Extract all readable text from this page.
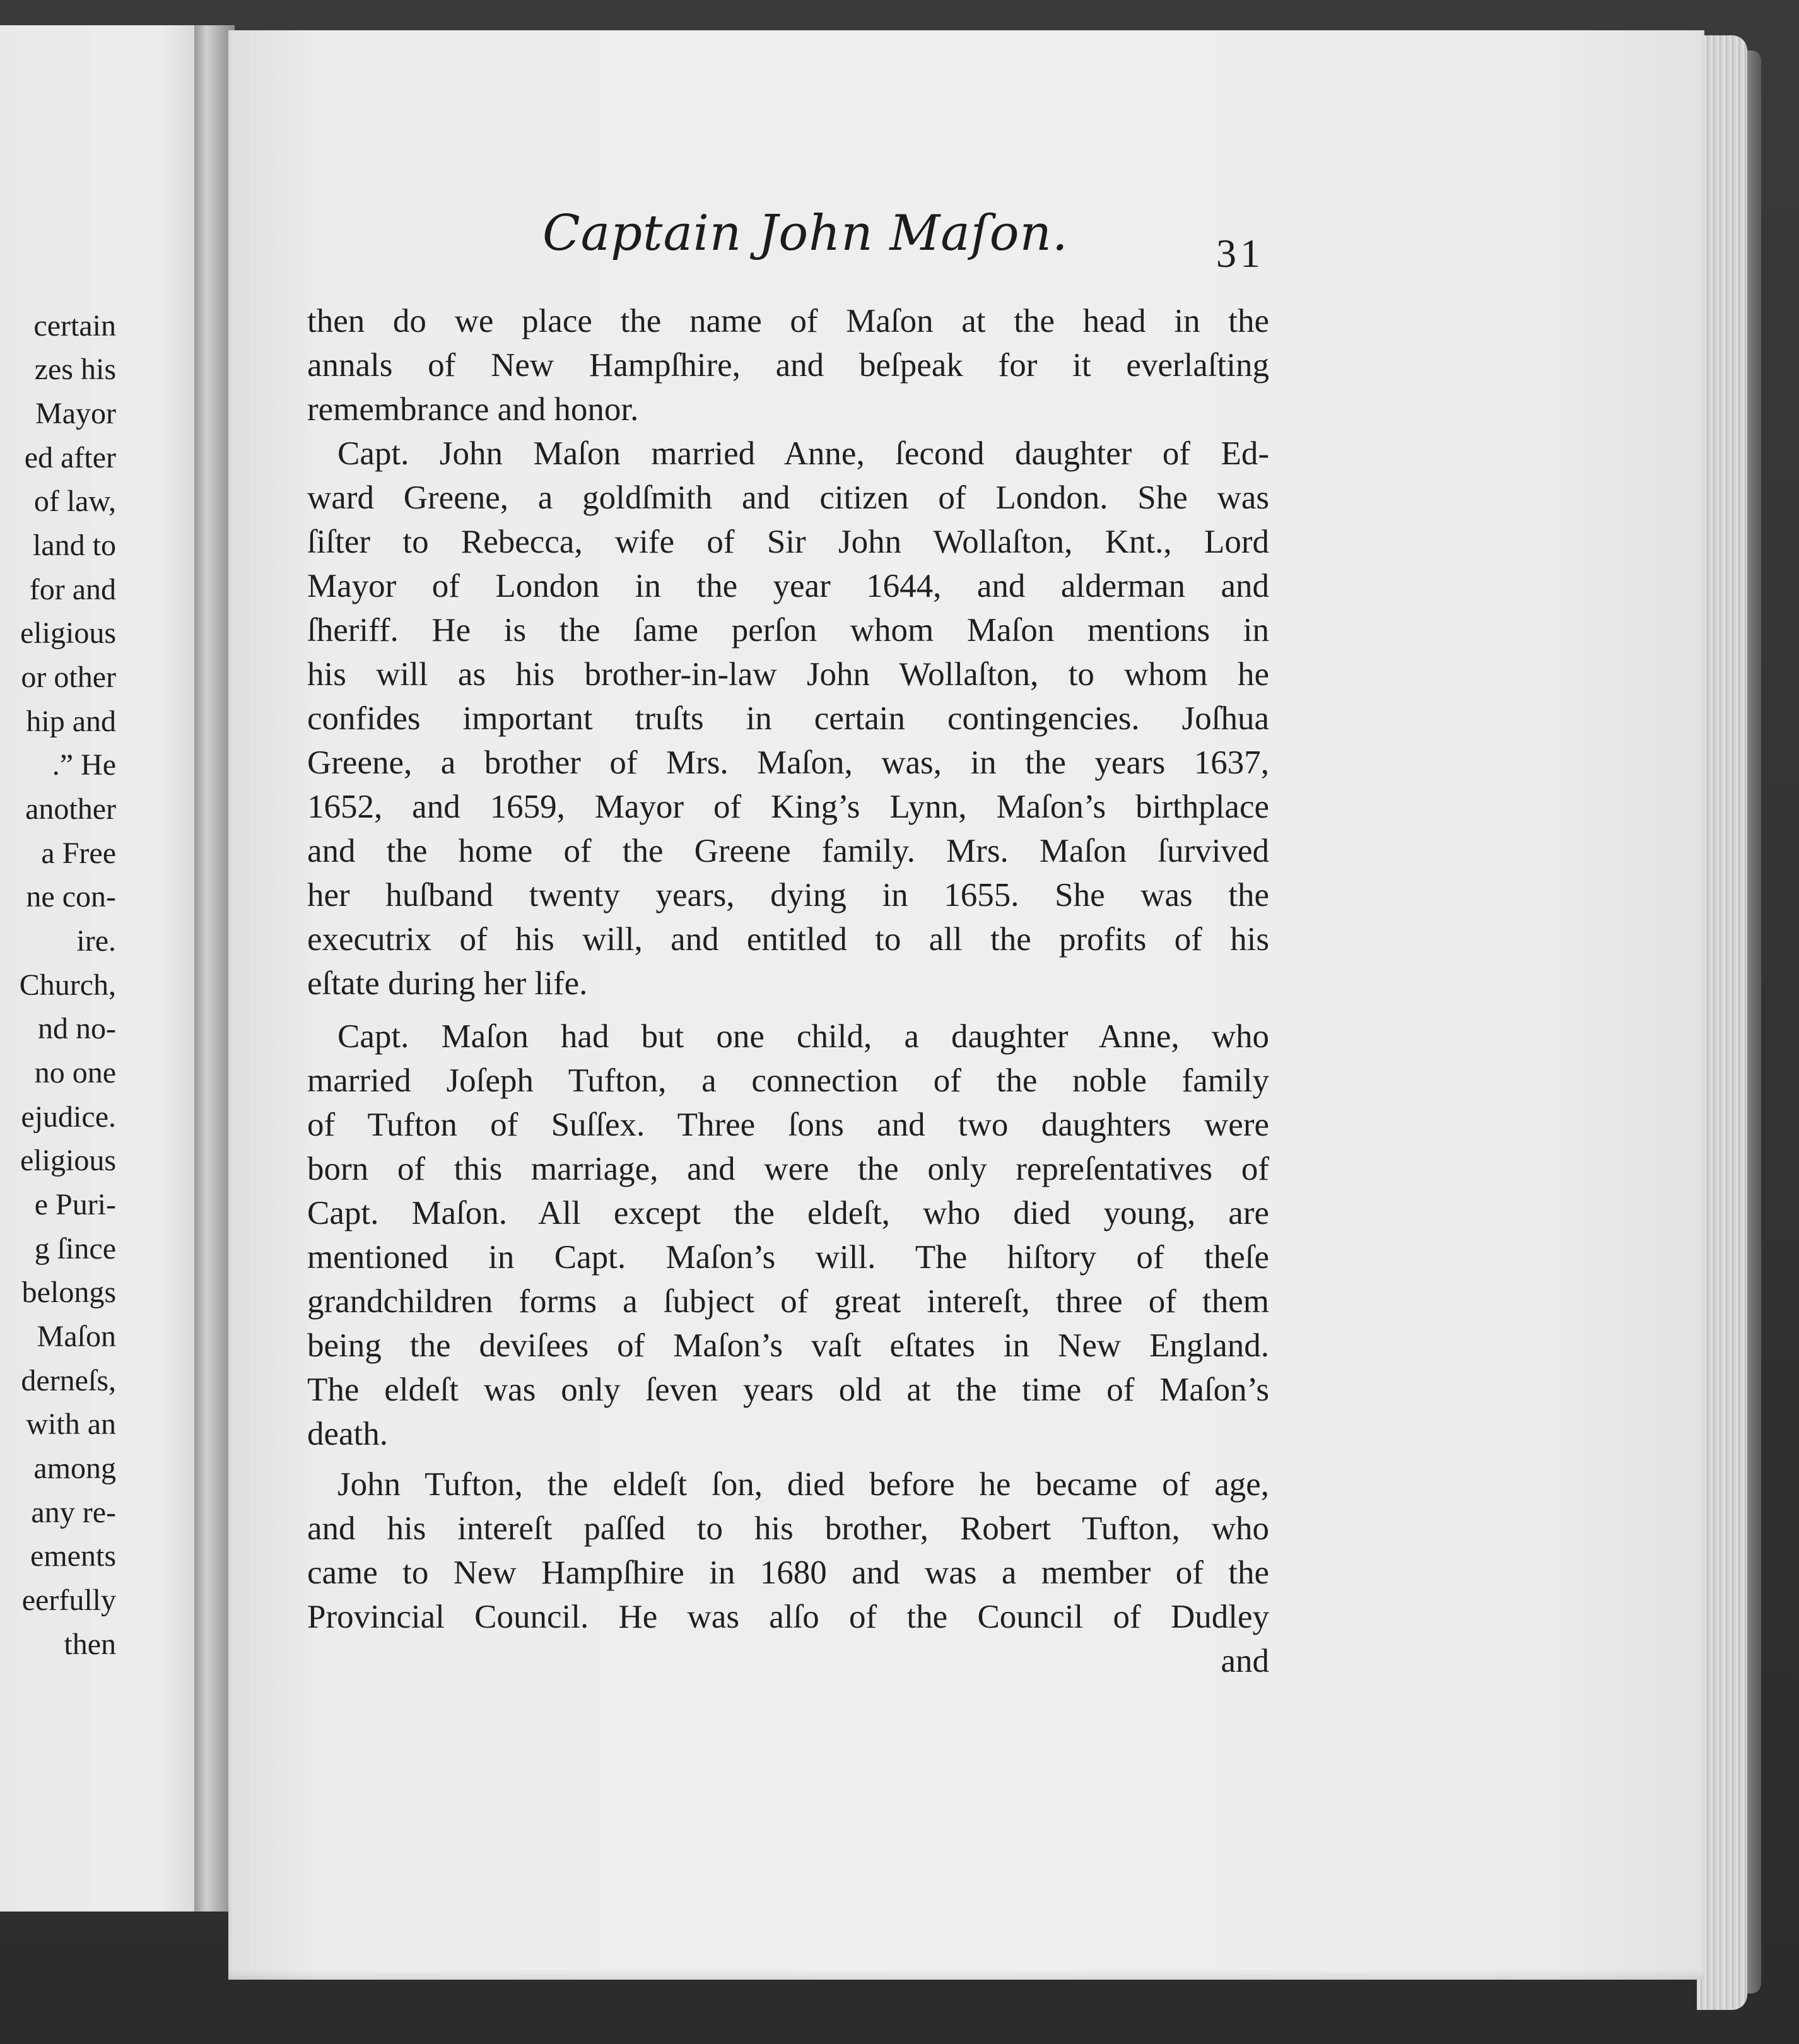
certain
zes his
Mayor
ed after
of law,
land to
for and
eligious
or other
hip and
.” He
another
a Free
ne con-
ire.
Church,
nd no-
no one
ejudice.
eligious
e Puri-
g ſince
belongs
Maſon
derneſs,
with an
among
any re-
ements
eerfully
then
Captain John Maſon.	31
then do we place the name of Maſon at the head in the
annals of New Hampſhire, and beſpeak for it everlaſting
remembrance and honor.
Capt. John Maſon married Anne, ſecond daughter of Ed-
ward Greene, a goldſmith and citizen of London. She was
ſiſter to Rebecca, wife of Sir John Wollaſton, Knt., Lord
Mayor of London in the year 1644, and alderman and
ſheriff. He is the ſame perſon whom Maſon mentions in
his will as his brother-in-law John Wollaſton, to whom he
confides important truſts in certain contingencies. Joſhua
Greene, a brother of Mrs. Maſon, was, in the years 1637,
1652, and 1659, Mayor of King’s Lynn, Maſon’s birthplace
and the home of the Greene family. Mrs. Maſon ſurvived
her huſband twenty years, dying in 1655. She was the
executrix of his will, and entitled to all the profits of his
eſtate during her life.
Capt. Maſon had but one child, a daughter Anne, who
married Joſeph Tufton, a connection of the noble family
of Tufton of Suſſex. Three ſons and two daughters were
born of this marriage, and were the only repreſentatives of
Capt. Maſon. All except the eldeſt, who died young, are
mentioned in Capt. Maſon’s will. The hiſtory of theſe
grandchildren forms a ſubject of great intereſt, three of them
being the deviſees of Maſon’s vaſt eſtates in New England.
The eldeſt was only ſeven years old at the time of Maſon’s
death.
John Tufton, the eldeſt ſon, died before he became of age,
and his intereſt paſſed to his brother, Robert Tufton, who
came to New Hampſhire in 1680 and was a member of the
Provincial Council. He was alſo of the Council of Dudley
and
